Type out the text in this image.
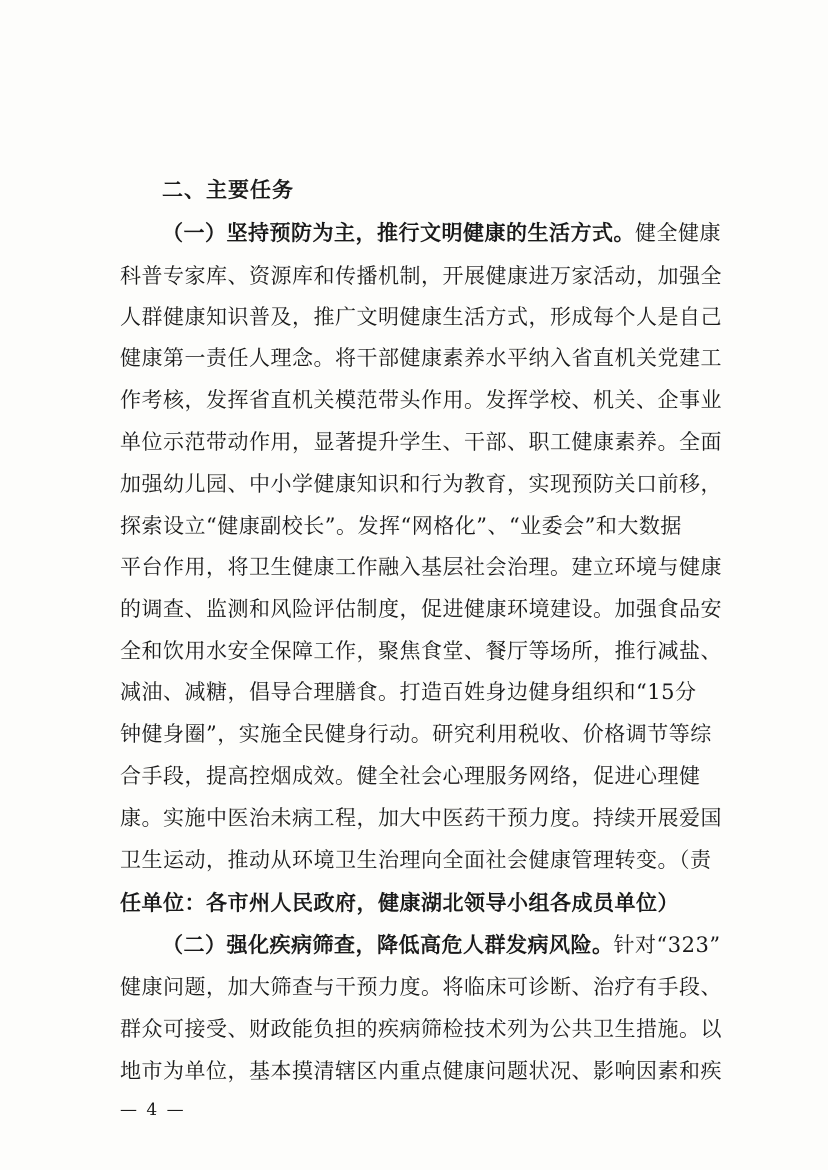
二、主要任务
（一）坚持预防为主，推行文明健康的生活方式。健全健康
科普专家库、资源库和传播机制，开展健康进万家活动，加强全
人群健康知识普及，推广文明健康生活方式，形成每个人是自己
健康第一责任人理念。将干部健康素养水平纳入省直机关党建工
作考核，发挥省直机关模范带头作用。发挥学校、机关、企事业
单位示范带动作用，显著提升学生、干部、职工健康素养。全面
加强幼儿园、中小学健康知识和行为教育，实现预防关口前移，
探索设立“健康副校长”。发挥“网格化”、“业委会”和大数据
平台作用，将卫生健康工作融入基层社会治理。建立环境与健康
的调查、监测和风险评估制度，促进健康环境建设。加强食品安
全和饮用水安全保障工作，聚焦食堂、餐厅等场所，推行减盐、
减油、减糖，倡导合理膳食。打造百姓身边健身组织和“15分
钟健身圈”，实施全民健身行动。研究利用税收、价格调节等综
合手段，提高控烟成效。健全社会心理服务网络，促进心理健
康。实施中医治未病工程，加大中医药干预力度。持续开展爱国
卫生运动，推动从环境卫生治理向全面社会健康管理转变。（责
任单位：各市州人民政府，健康湖北领导小组各成员单位）
（二）强化疾病筛查，降低高危人群发病风险。针对“323”
健康问题，加大筛查与干预力度。将临床可诊断、治疗有手段、
群众可接受、财政能负担的疾病筛检技术列为公共卫生措施。以
地市为单位，基本摸清辖区内重点健康问题状况、影响因素和疾
— 4 —
